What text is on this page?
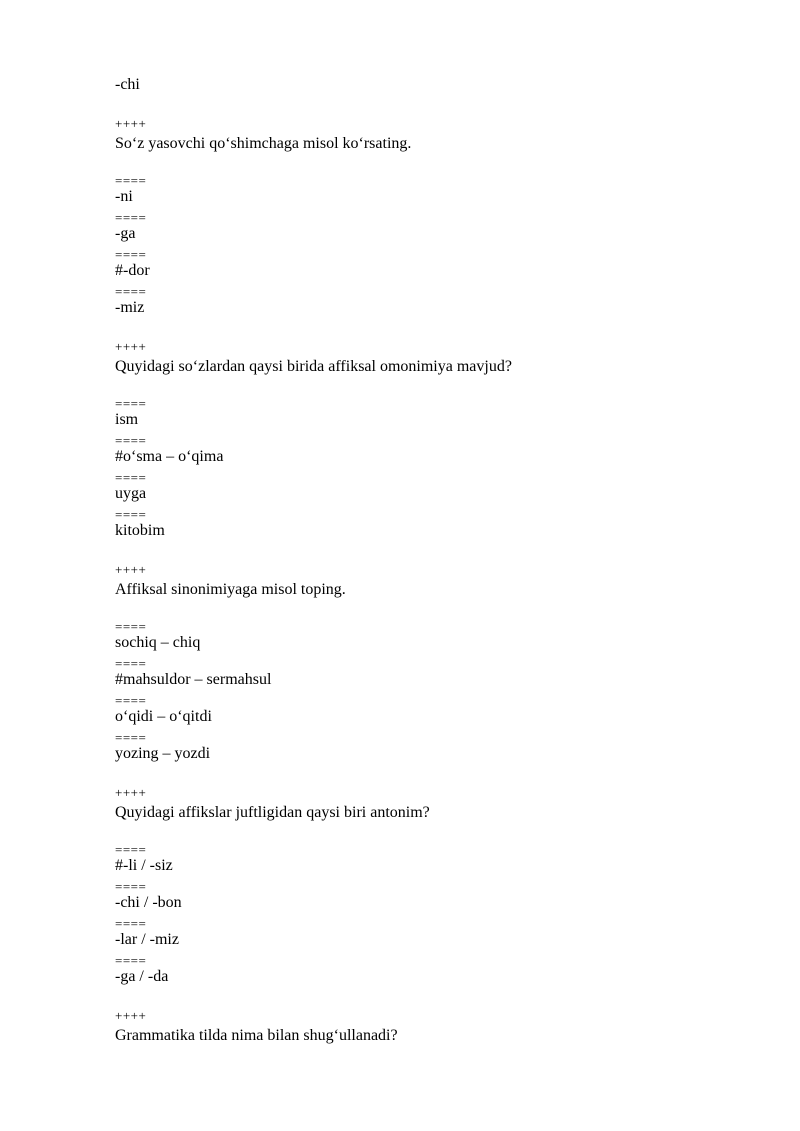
-chi
++++
So‘z yasovchi qo‘shimchaga misol ko‘rsating.
====
-ni
====
-ga
====
#-dor
====
-miz
++++
Quyidagi so‘zlardan qaysi birida affiksal omonimiya mavjud?
====
ism
====
#o‘sma – o‘qima
====
uyga
====
kitobim
++++
Affiksal sinonimiyaga misol toping.
====
sochiq – chiq
====
#mahsuldor – sermahsul
====
o‘qidi – o‘qitdi
====
yozing – yozdi
++++
Quyidagi affikslar juftligidan qaysi biri antonim?
====
#-li / -siz
====
-chi / -bon
====
-lar / -miz
====
-ga / -da
++++
Grammatika tilda nima bilan shug‘ullanadi?
